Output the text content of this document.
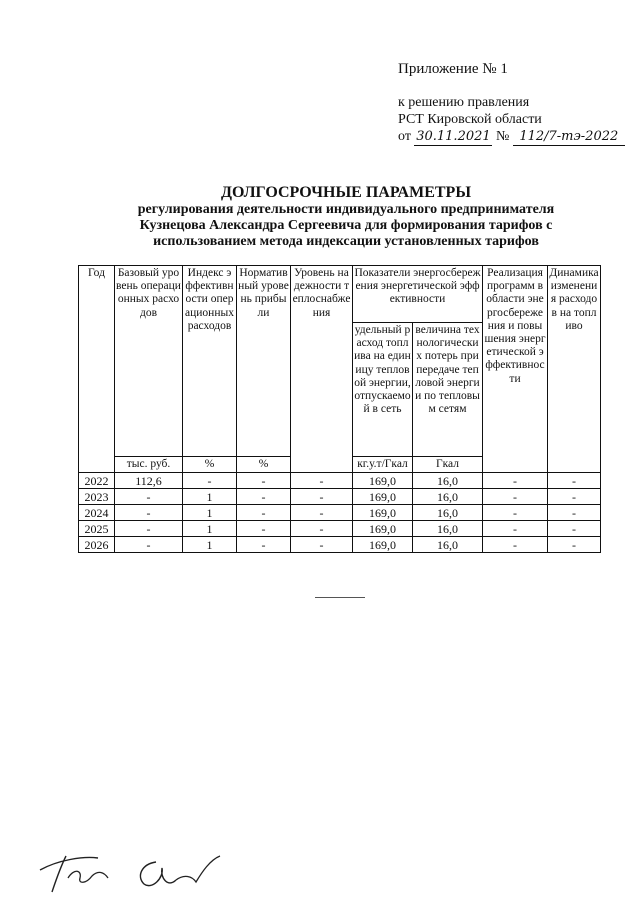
Приложение № 1
к решению правления
РСТ Кировской области
от 30.11.2021 № 112/7-тэ-2022
ДОЛГОСРОЧНЫЕ ПАРАМЕТРЫ
регулирования деятельности индивидуального предпринимателя
Кузнецова Александра Сергеевича для формирования тарифов с
использованием метода индексации установленных тарифов
Год	Базовый уровень операционных расходов	Индекс эффективности операционных расходов	Нормативный уровень прибыли	Уровень надежности теплоснабжения	Показатели энергосбережения энергетической эффективности		Реализация программ в области энергосбережения и повышения энергетической эффективности	Динамика изменения расходов на топливо
					удельный расход топлива на единицу тепловой энергии, отпускаемой в сеть	величина технологических потерь при передаче тепловой энергии по тепловым сетям		
	тыс. руб.	%	%		кг.у.т/Гкал	Гкал		
2022	112,6	-	-	-	169,0	16,0	-	-
2023	-	1	-	-	169,0	16,0	-	-
2024	-	1	-	-	169,0	16,0	-	-
2025	-	1	-	-	169,0	16,0	-	-
2026	-	1	-	-	169,0	16,0	-	-
